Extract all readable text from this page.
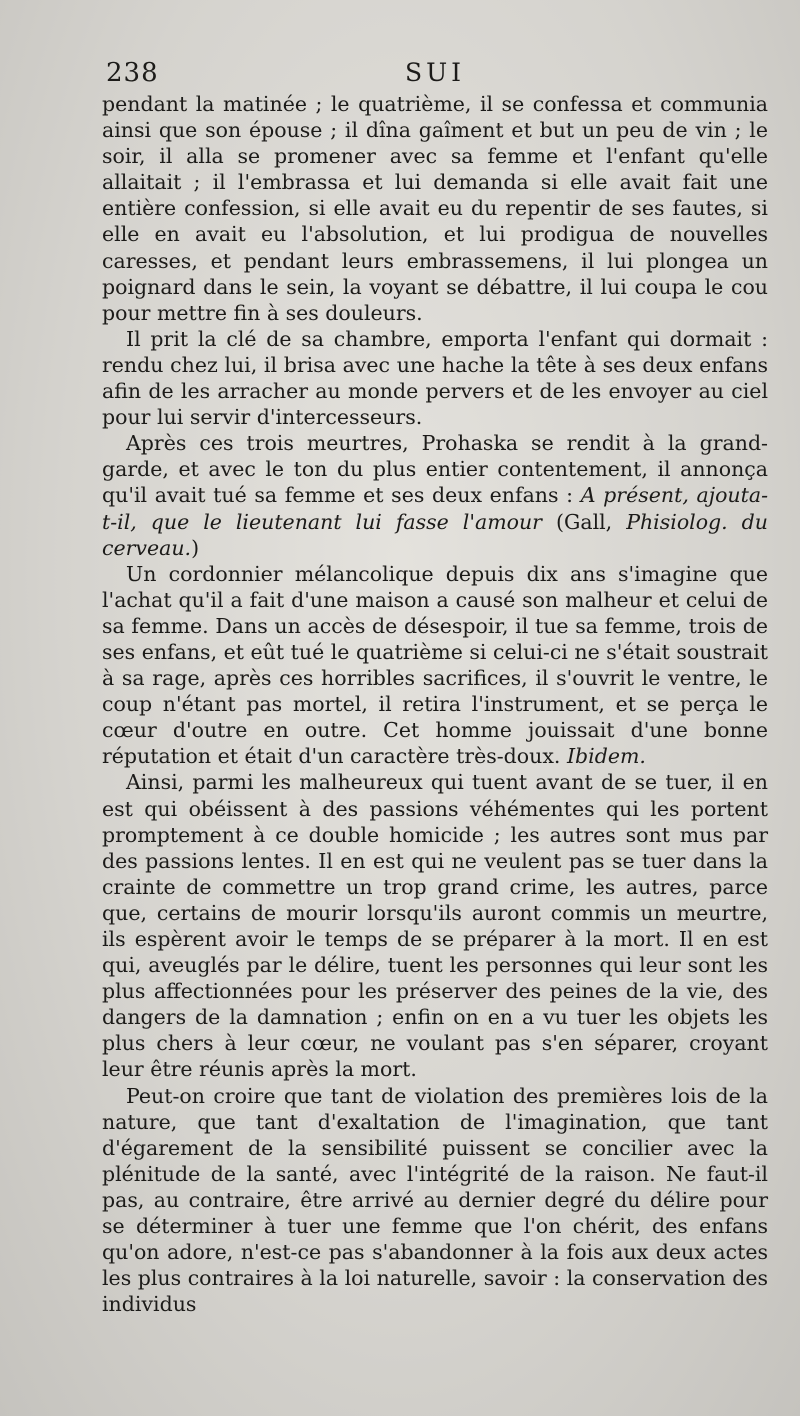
238	SUI

pendant la matinée ; le quatrième, il se confessa et communia ainsi que son épouse ; il dîna gaîment et but un peu de vin ; le soir, il alla se promener avec sa femme et l'enfant qu'elle allaitait ; il l'embrassa et lui demanda si elle avait fait une entière confession, si elle avait eu du repentir de ses fautes, si elle en avait eu l'absolution, et lui prodigua de nouvelles caresses, et pendant leurs embrassemens, il lui plongea un poignard dans le sein, la voyant se débattre, il lui coupa le cou pour mettre fin à ses douleurs.

Il prit la clé de sa chambre, emporta l'enfant qui dormait : rendu chez lui, il brisa avec une hache la tête à ses deux enfans afin de les arracher au monde pervers et de les envoyer au ciel pour lui servir d'intercesseurs.

Après ces trois meurtres, Prohaska se rendit à la grand-garde, et avec le ton du plus entier contentement, il annonça qu'il avait tué sa femme et ses deux enfans : A présent, ajouta-t-il, que le lieutenant lui fasse l'amour (Gall, Phisiolog. du cerveau.)

Un cordonnier mélancolique depuis dix ans s'imagine que l'achat qu'il a fait d'une maison a causé son malheur et celui de sa femme. Dans un accès de désespoir, il tue sa femme, trois de ses enfans, et eût tué le quatrième si celui-ci ne s'était soustrait à sa rage, après ces horribles sacrifices, il s'ouvrit le ventre, le coup n'étant pas mortel, il retira l'instrument, et se perça le cœur d'outre en outre. Cet homme jouissait d'une bonne réputation et était d'un caractère très-doux. Ibidem.

Ainsi, parmi les malheureux qui tuent avant de se tuer, il en est qui obéissent à des passions véhémentes qui les portent promptement à ce double homicide ; les autres sont mus par des passions lentes. Il en est qui ne veulent pas se tuer dans la crainte de commettre un trop grand crime, les autres, parce que, certains de mourir lorsqu'ils auront commis un meurtre, ils espèrent avoir le temps de se préparer à la mort. Il en est qui, aveuglés par le délire, tuent les personnes qui leur sont les plus affectionnées pour les préserver des peines de la vie, des dangers de la damnation ; enfin on en a vu tuer les objets les plus chers à leur cœur, ne voulant pas s'en séparer, croyant leur être réunis après la mort.

Peut-on croire que tant de violation des premières lois de la nature, que tant d'exaltation de l'imagination, que tant d'égarement de la sensibilité puissent se concilier avec la plénitude de la santé, avec l'intégrité de la raison. Ne faut-il pas, au contraire, être arrivé au dernier degré du délire pour se déterminer à tuer une femme que l'on chérit, des enfans qu'on adore, n'est-ce pas s'abandonner à la fois aux deux actes les plus contraires à la loi naturelle, savoir : la conservation des individus
